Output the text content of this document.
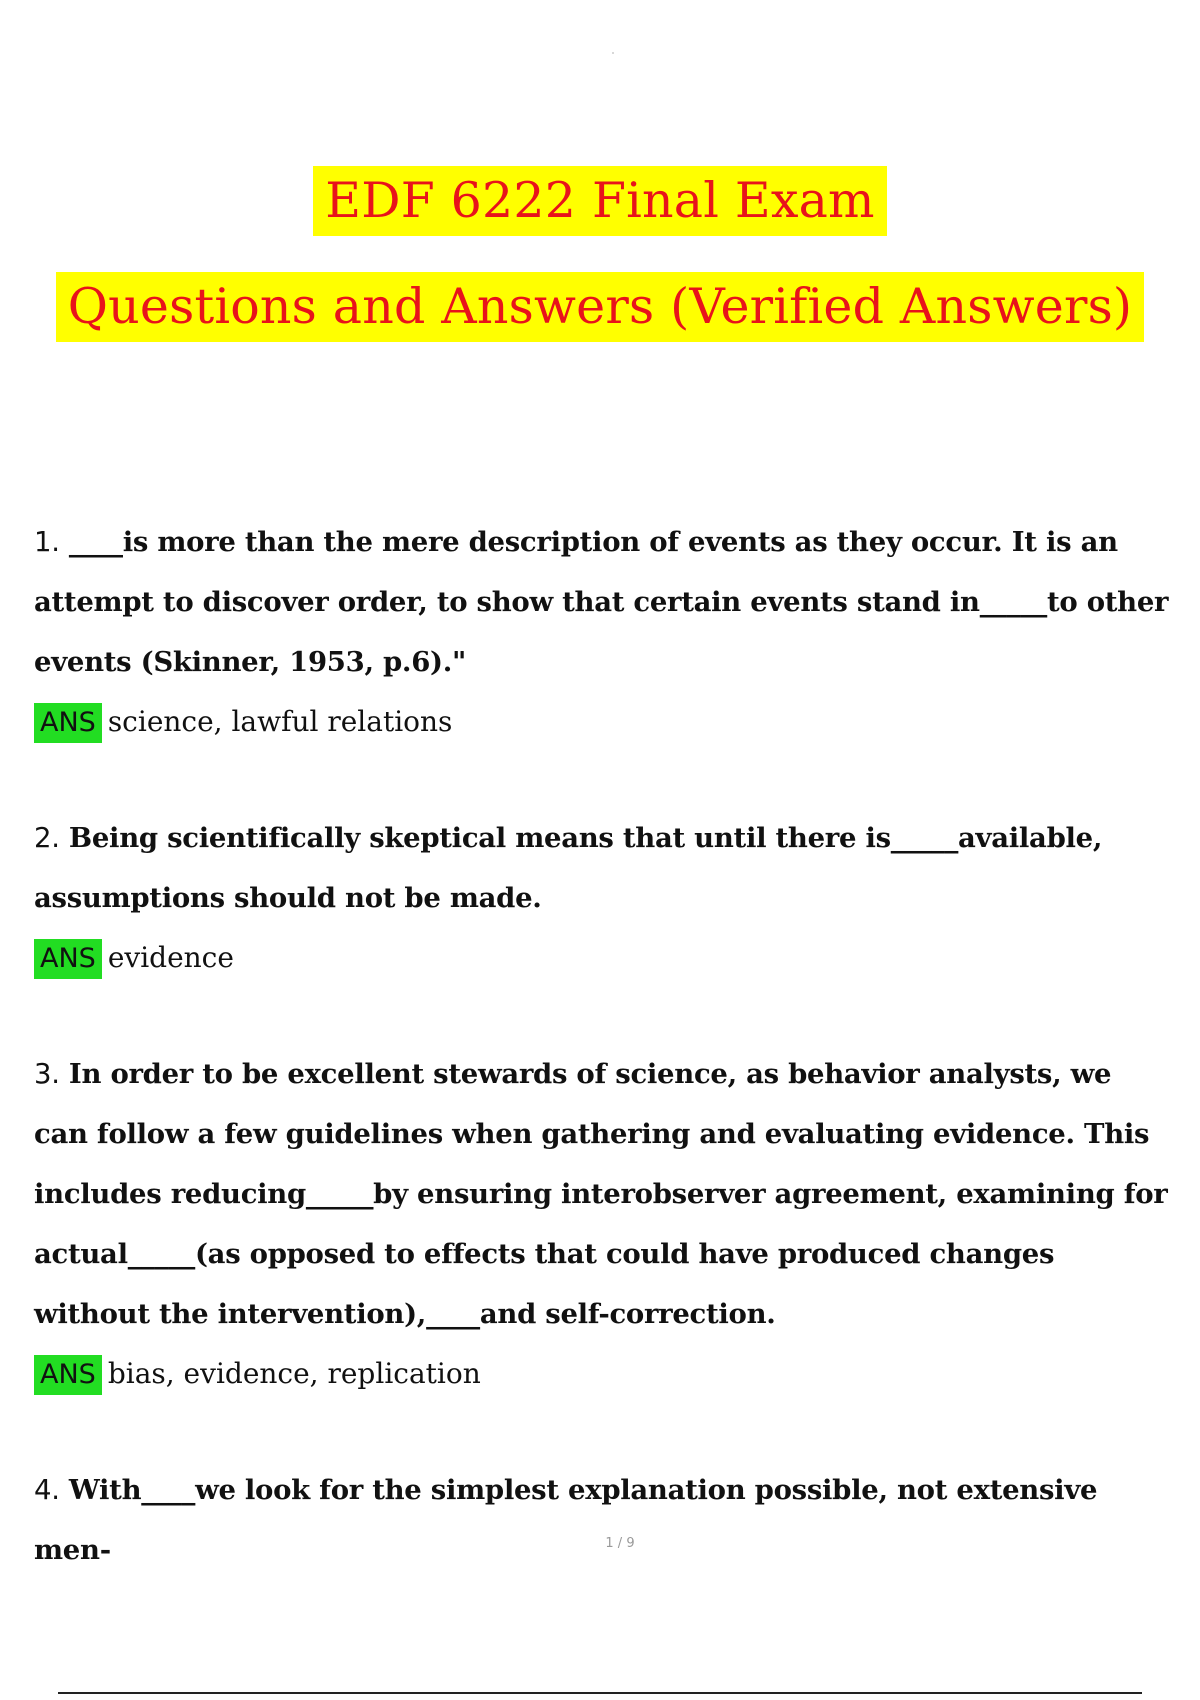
EDF 6222 Final Exam
Questions and Answers (Verified Answers)

1. ____is more than the mere description of events as they occur. It is an attempt to discover order, to show that certain events stand in_____to other events (Skinner, 1953, p.6)."

ANS science, lawful relations

2. Being scientifically skeptical means that until there is_____available, assumptions should not be made.

ANS evidence

3. In order to be excellent stewards of science, as behavior analysts, we can follow a few guidelines when gathering and evaluating evidence. This includes reducing_____by ensuring interobserver agreement, examining for actual_____(as opposed to effects that could have produced changes without the intervention),____and self-correction.

ANS bias, evidence, replication

4. With____we look for the simplest explanation possible, not extensive men-	1 / 9
